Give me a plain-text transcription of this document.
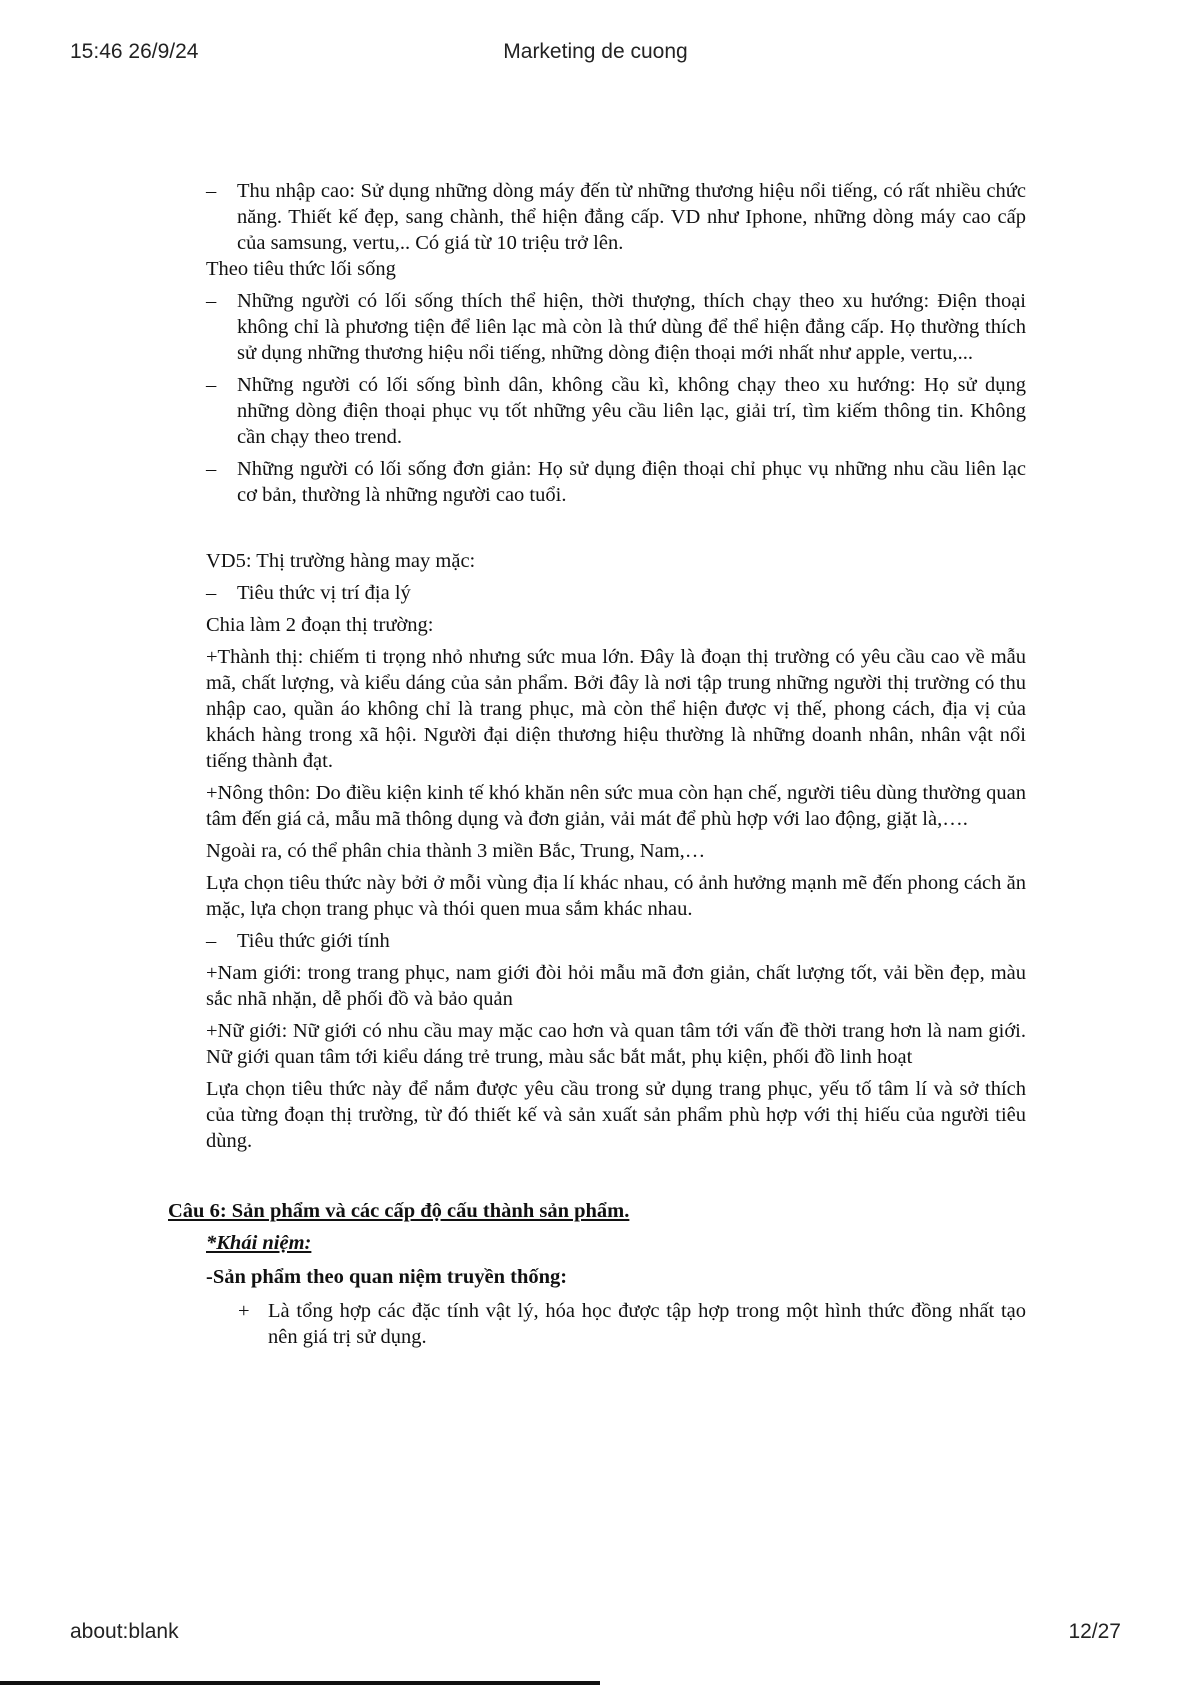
15:46 26/9/24	Marketing de cuong

– Thu nhập cao: Sử dụng những dòng máy đến từ những thương hiệu nổi tiếng, có rất nhiều chức năng. Thiết kế đẹp, sang chành, thể hiện đẳng cấp. VD như Iphone, những dòng máy cao cấp của samsung, vertu,.. Có giá từ 10 triệu trở lên.

Theo tiêu thức lối sống

– Những người có lối sống thích thể hiện, thời thượng, thích chạy theo xu hướng: Điện thoại không chỉ là phương tiện để liên lạc mà còn là thứ dùng để thể hiện đẳng cấp. Họ thường thích sử dụng những thương hiệu nổi tiếng, những dòng điện thoại mới nhất như apple, vertu,...

– Những người có lối sống bình dân, không cầu kì, không chạy theo xu hướng: Họ sử dụng những dòng điện thoại phục vụ tốt những yêu cầu liên lạc, giải trí, tìm kiếm thông tin. Không cần chạy theo trend.

– Những người có lối sống đơn giản: Họ sử dụng điện thoại chỉ phục vụ những nhu cầu liên lạc cơ bản, thường là những người cao tuổi.

VD5: Thị trường hàng may mặc:

– Tiêu thức vị trí địa lý

Chia làm 2 đoạn thị trường:

+Thành thị: chiếm ti trọng nhỏ nhưng sức mua lớn. Đây là đoạn thị trường có yêu cầu cao về mẫu mã, chất lượng, và kiểu dáng của sản phẩm. Bởi đây là nơi tập trung những người thị trường có thu nhập cao, quần áo không chỉ là trang phục, mà còn thể hiện được vị thế, phong cách, địa vị của khách hàng trong xã hội. Người đại diện thương hiệu thường là những doanh nhân, nhân vật nổi tiếng thành đạt.

+Nông thôn: Do điều kiện kinh tế khó khăn nên sức mua còn hạn chế, người tiêu dùng thường quan tâm đến giá cả, mẫu mã thông dụng và đơn giản, vải mát để phù hợp với lao động, giặt là,….

Ngoài ra, có thể phân chia thành 3 miền Bắc, Trung, Nam,…

Lựa chọn tiêu thức này bởi ở mỗi vùng địa lí khác nhau, có ảnh hưởng mạnh mẽ đến phong cách ăn mặc, lựa chọn trang phục và thói quen mua sắm khác nhau.

– Tiêu thức giới tính

+Nam giới: trong trang phục, nam giới đòi hỏi mẫu mã đơn giản, chất lượng tốt, vải bền đẹp, màu sắc nhã nhặn, dễ phối đồ và bảo quản

+Nữ giới: Nữ giới có nhu cầu may mặc cao hơn và quan tâm tới vấn đề thời trang hơn là nam giới. Nữ giới quan tâm tới kiểu dáng trẻ trung, màu sắc bắt mắt, phụ kiện, phối đồ linh hoạt

Lựa chọn tiêu thức này để nắm được yêu cầu trong sử dụng trang phục, yếu tố tâm lí và sở thích của từng đoạn thị trường, từ đó thiết kế và sản xuất sản phẩm phù hợp với thị hiếu của người tiêu dùng.

Câu 6: Sản phẩm và các cấp độ cấu thành sản phẩm.

*Khái niệm:

-Sản phẩm theo quan niệm truyền thống:

+ Là tổng hợp các đặc tính vật lý, hóa học được tập hợp trong một hình thức đồng nhất tạo nên giá trị sử dụng.

about:blank	12/27
